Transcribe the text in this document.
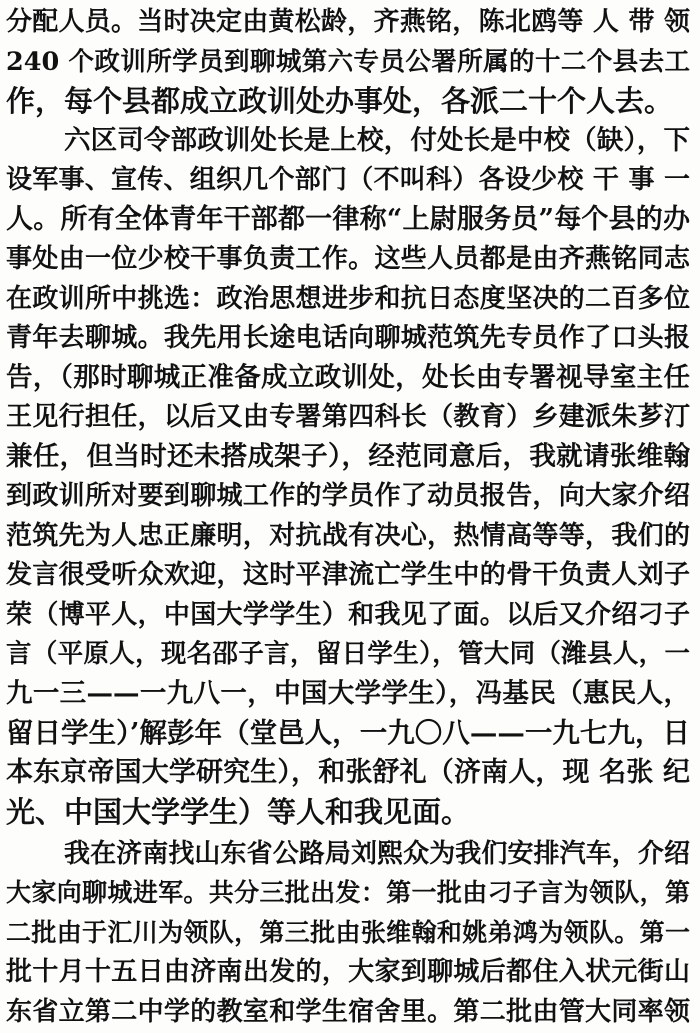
分配人员。当时决定由黄松龄，齐燕铭，陈北鸥等 人 带 领
240 个政训所学员到聊城第六专员公署所属的十二个县去工
作，每个县都成立政训处办事处，各派二十个人去。
六区司令部政训处长是上校，付处长是中校（缺），下
设军事、宣传、组织几个部门（不叫科）各设少校 干 事 一
人。所有全体青年干部都一律称“上尉服务员”每个县的办
事处由一位少校干事负责工作。这些人员都是由齐燕铭同志
在政训所中挑选：政治思想进步和抗日态度坚决的二百多位
青年去聊城。我先用长途电话向聊城范筑先专员作了口头报
告，（那时聊城正准备成立政训处，处长由专署视导室主任
王见行担任，以后又由专署第四科长（教育）乡建派朱芗汀
兼任，但当时还未搭成架子），经范同意后，我就请张维翰
到政训所对要到聊城工作的学员作了动员报告，向大家介绍
范筑先为人忠正廉明，对抗战有决心，热情高等等，我们的
发言很受听众欢迎，这时平津流亡学生中的骨干负责人刘子
荣（博平人，中国大学学生）和我见了面。以后又介绍刁子
言（平原人，现名邵子言，留日学生），管大同（潍县人，一
九一三——一九八一，中国大学学生），冯基民（惠民人，
留日学生）’解彭年（堂邑人，一九〇八——一九七九，日
本东京帝国大学研究生），和张舒礼（济南人，现 名张 纪
光、中国大学学生）等人和我见面。
我在济南找山东省公路局刘熙众为我们安排汽车，介绍
大家向聊城进军。共分三批出发：第一批由刁子言为领队，第
二批由于汇川为领队，第三批由张维翰和姚弟鸿为领队。第一
批十月十五日由济南出发的，大家到聊城后都住入状元街山
东省立第二中学的教室和学生宿舍里。第二批由管大同率领
